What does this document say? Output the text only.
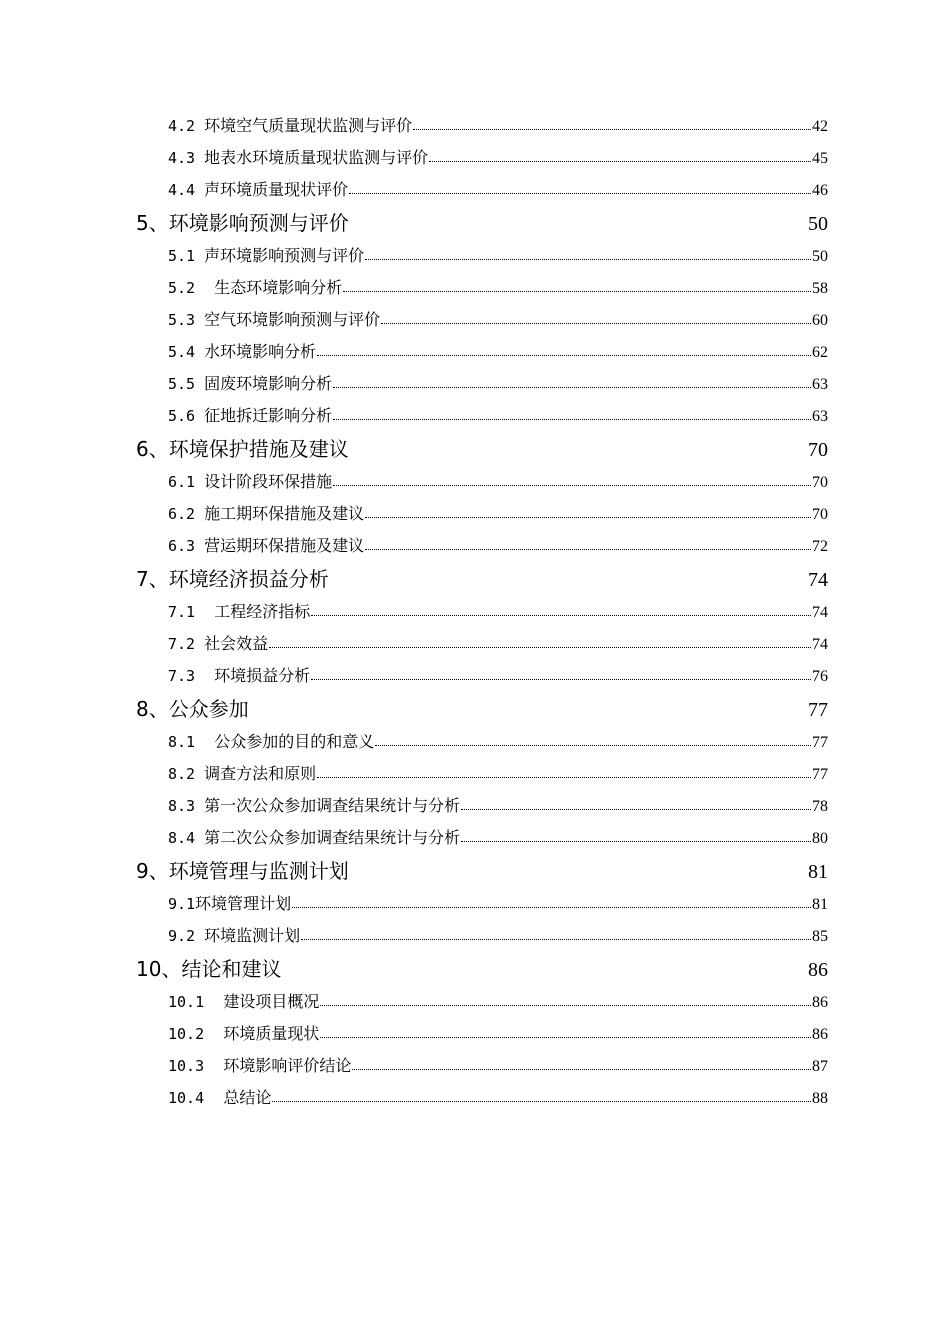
4.2 环境空气质量现状监测与评价	42
4.3 地表水环境质量现状监测与评价	45
4.4 声环境质量现状评价	46
5、 环境影响预测与评价	50
5.1 声环境影响预测与评价	50
5.2 生态环境影响分析	58
5.3 空气环境影响预测与评价	60
5.4 水环境影响分析	62
5.5 固废环境影响分析	63
5.6 征地拆迁影响分析	63
6、 环境保护措施及建议	70
6.1 设计阶段环保措施	70
6.2 施工期环保措施及建议	70
6.3 营运期环保措施及建议	72
7、 环境经济损益分析	74
7.1 工程经济指标	74
7.2 社会效益	74
7.3 环境损益分析	76
8、 公众参加	77
8.1 公众参加的目的和意义	77
8.2 调查方法和原则	77
8.3 第一次公众参加调查结果统计与分析	78
8.4 第二次公众参加调查结果统计与分析	80
9、 环境管理与监测计划	81
9.1 环境管理计划	81
9.2 环境监测计划	85
10、 结论和建议	86
10.1 建设项目概况	86
10.2 环境质量现状	86
10.3 环境影响评价结论	87
10.4 总结论	88
